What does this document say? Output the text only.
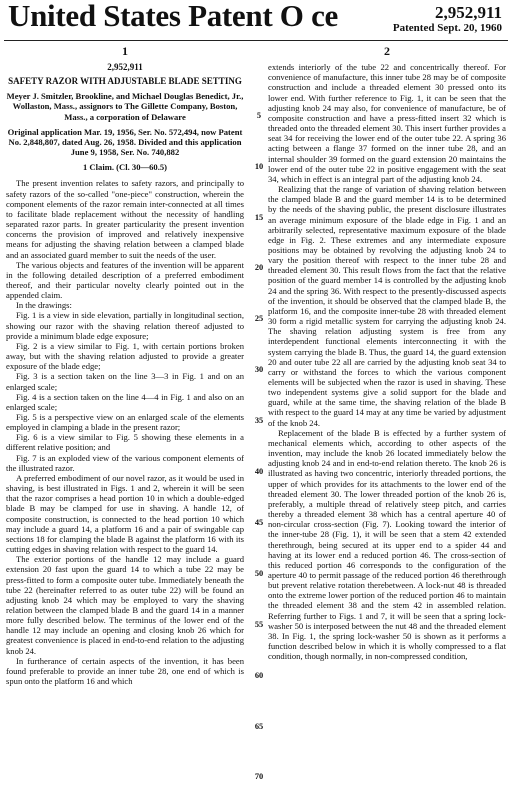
United States Patent O ce	2,952,911
Patented Sept. 20, 1960
1
2,952,911
SAFETY RAZOR WITH ADJUSTABLE BLADE SETTING
Meyer J. Smitzler, Brookline, and Michael Douglas Benedict, Jr., Wollaston, Mass., assignors to The Gillette Company, Boston, Mass., a corporation of Delaware
Original application Mar. 19, 1956, Ser. No. 572,494, now Patent No. 2,848,807, dated Aug. 26, 1958. Divided and this application June 9, 1958, Ser. No. 740,882
1 Claim. (Cl. 30—60.5)

The present invention relates to safety razors, and principally to safety razors of the so-called "one-piece" construction, wherein the component elements of the razor remain inter-connected at all times to facilitate blade replacement without the necessity of handling separated razor parts. In greater particularity the present invention concerns the provision of improved and relatively inexpensive means for adjusting the shaving relation between a clamped blade and an associated guard member to suit the needs of the user.

The various objects and features of the invention will be apparent in the following detailed description of a preferred embodiment thereof, and their particular novelty clearly pointed out in the appended claim.

In the drawings:

Fig. 1 is a view in side elevation, partially in longitudinal section, showing our razor with the shaving relation thereof adjusted to provide a minimum blade edge exposure;

Fig. 2 is a view similar to Fig. 1, with certain portions broken away, but with the shaving relation adjusted to provide a greater exposure of the blade edge;

Fig. 3 is a section taken on the line 3—3 in Fig. 1 and on an enlarged scale;

Fig. 4 is a section taken on the line 4—4 in Fig. 1 and also on an enlarged scale;

Fig. 5 is a perspective view on an enlarged scale of the elements employed in clamping a blade in the present razor;

Fig. 6 is a view similar to Fig. 5 showing these elements in a different relative position; and

Fig. 7 is an exploded view of the various component elements of the illustrated razor.

A preferred embodiment of our novel razor, as it would be used in shaving, is best illustrated in Figs. 1 and 2, wherein it will be seen that the razor comprises a head portion 10 in which a double-edged blade B may be clamped for use in shaving. A handle 12, of composite construction, is connected to the head portion 10 which may include a guard 14, a platform 16 and a pair of swingable cap sections 18 for clamping the blade B against the platform 16 with its cutting edges in shaving relation with respect to the guard 14.

The exterior portions of the handle 12 may include a guard extension 20 fast upon the guard 14 to which a tube 22 may be press-fitted to form a composite outer tube. Immediately beneath the tube 22 (hereinafter referred to as outer tube 22) will be found an adjusting knob 24 which may be employed to vary the shaving relation between the clamped blade B and the guard 14 in a manner more fully described below. The terminus of the lower end of the handle 12 may include an opening and closing knob 26 which for greatest convenience is placed in end-to-end relation to the adjusting knob 24.

In furtherance of certain aspects of the invention, it has been found preferable to provide an inner tube 28, one end of which is spun onto the platform 16 and which

2

extends interiorly of the tube 22 and concentrically thereof. For convenience of manufacture, this inner tube 28 may be of composite construction and include a threaded element 30 pressed onto its lower end. With further reference to Fig. 1, it can be seen that the adjusting knob 24 may also, for convenience of manufacture, be of composite construction and have a press-fitted insert 32 which is threaded onto the threaded element 30. This insert further provides a seat 34 for receiving the lower end of the outer tube 22. A spring 36 acting between a flange 37 formed on the inner tube 28, and an internal shoulder 39 formed on the guard extension 20 maintains the lower end of the outer tube 22 in positive engagement with the seat 34, which in effect is an integral part of the adjusting knob 24.

Realizing that the range of variation of shaving relation between the clamped blade B and the guard member 14 is to be determined by the needs of the shaving public, the present disclosure illustrates an average minimum exposure of the blade edge in Fig. 1 and an arbitrarily selected, representative maximum exposure of the blade edge in Fig. 2. These extremes and any intermediate exposure positions may be obtained by revolving the adjusting knob 24 to vary the position thereof with respect to the inner tube 28 and threaded element 30. This result flows from the fact that the relative position of the guard member 14 is controlled by the adjusting knob 24 and the spring 36. With respect to the presently-discussed aspects of the invention, it should be observed that the clamped blade B, the platform 16, and the composite inner-tube 28 with threaded element 30 form a rigid metallic system for carrying the adjusting knob 24. The shaving relation adjusting system is free from any interdependent functional elements interconnecting it with the system carrying the blade B. Thus, the guard 14, the guard extension 20 and outer tube 22 all are carried by the adjusting knob seat 34 to carry or withstand the forces to which the various component elements will be subjected when the razor is used in shaving. These two independent systems give a solid support for the blade and guard, while at the same time, the shaving relation of the blade B with respect to the guard 14 may at any time be varied by adjustment of the knob 24.

Replacement of the blade B is effected by a further system of mechanical elements which, according to other aspects of the invention, may include the knob 26 located immediately below the adjusting knob 24 and in end-to-end relation thereto. The knob 26 is illustrated as having two concentric, interiorly threaded portions, the upper of which provides for its attachments to the lower end of the threaded element 30. The lower threaded portion of the knob 26 is, preferably, a multiple thread of relatively steep pitch, and carries thereby a threaded element 38 which has a central aperture 40 of non-circular cross-section (Fig. 7). Looking toward the interior of the inner-tube 28 (Fig. 1), it will be seen that a stem 42 extended therethrough, being secured at its upper end to a spider 44 and having at its lower end a reduced portion 46. The cross-section of this reduced portion 46 corresponds to the configuration of the aperture 40 to permit passage of the reduced portion 46 therethrough but prevent relative rotation therebetween. A lock-nut 48 is threaded onto the extreme lower portion of the reduced portion 46 to maintain the threaded element 38 and the stem 42 in assembled relation. Referring further to Figs. 1 and 7, it will be seen that a spring lock-washer 50 is interposed between the nut 48 and the threaded element 38. In Fig. 1, the spring lock-washer 50 is shown as it performs a function described below in which it is wholly compressed to a flat condition, though normally, in non-compressed condition,

5
10
15
20
25
30
35
40
45
50
55
60
65
70
